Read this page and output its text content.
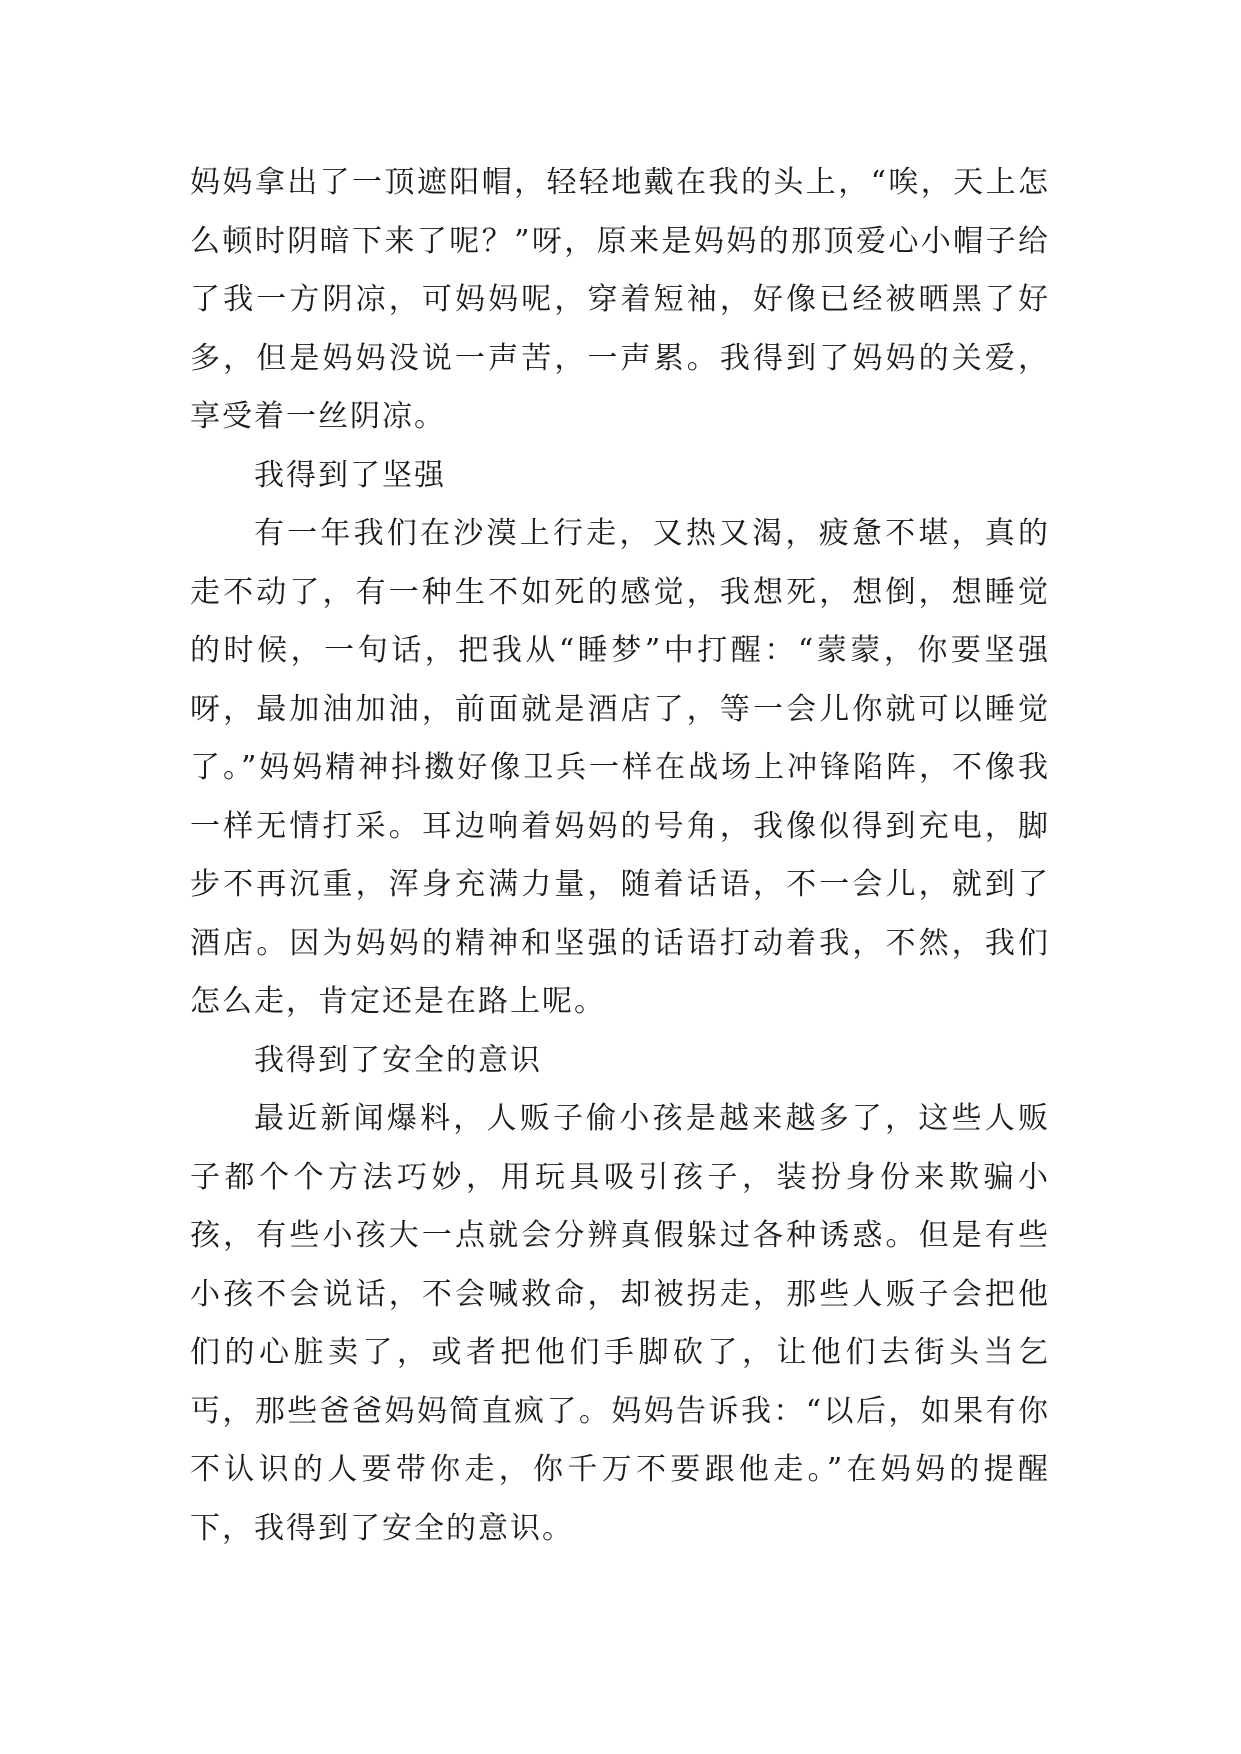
妈妈拿出了一顶遮阳帽，轻轻地戴在我的头上，“唉，天上怎么顿时阴暗下来了呢？”呀，原来是妈妈的那顶爱心小帽子给了我一方阴凉，可妈妈呢，穿着短袖，好像已经被晒黑了好多，但是妈妈没说一声苦，一声累。我得到了妈妈的关爱，享受着一丝阴凉。

我得到了坚强

有一年我们在沙漠上行走，又热又渴，疲惫不堪，真的走不动了，有一种生不如死的感觉，我想死，想倒，想睡觉的时候，一句话，把我从“睡梦”中打醒：“蒙蒙，你要坚强呀，最加油加油，前面就是酒店了，等一会儿你就可以睡觉了。”妈妈精神抖擞好像卫兵一样在战场上冲锋陷阵，不像我一样无情打采。耳边响着妈妈的号角，我像似得到充电，脚步不再沉重，浑身充满力量，随着话语，不一会儿，就到了酒店。因为妈妈的精神和坚强的话语打动着我，不然，我们怎么走，肯定还是在路上呢。

我得到了安全的意识

最近新闻爆料，人贩子偷小孩是越来越多了，这些人贩子都个个方法巧妙，用玩具吸引孩子，装扮身份来欺骗小孩，有些小孩大一点就会分辨真假躲过各种诱惑。但是有些小孩不会说话，不会喊救命，却被拐走，那些人贩子会把他们的心脏卖了，或者把他们手脚砍了，让他们去街头当乞丐，那些爸爸妈妈简直疯了。妈妈告诉我：“以后，如果有你不认识的人要带你走，你千万不要跟他走。”在妈妈的提醒下，我得到了安全的意识。
